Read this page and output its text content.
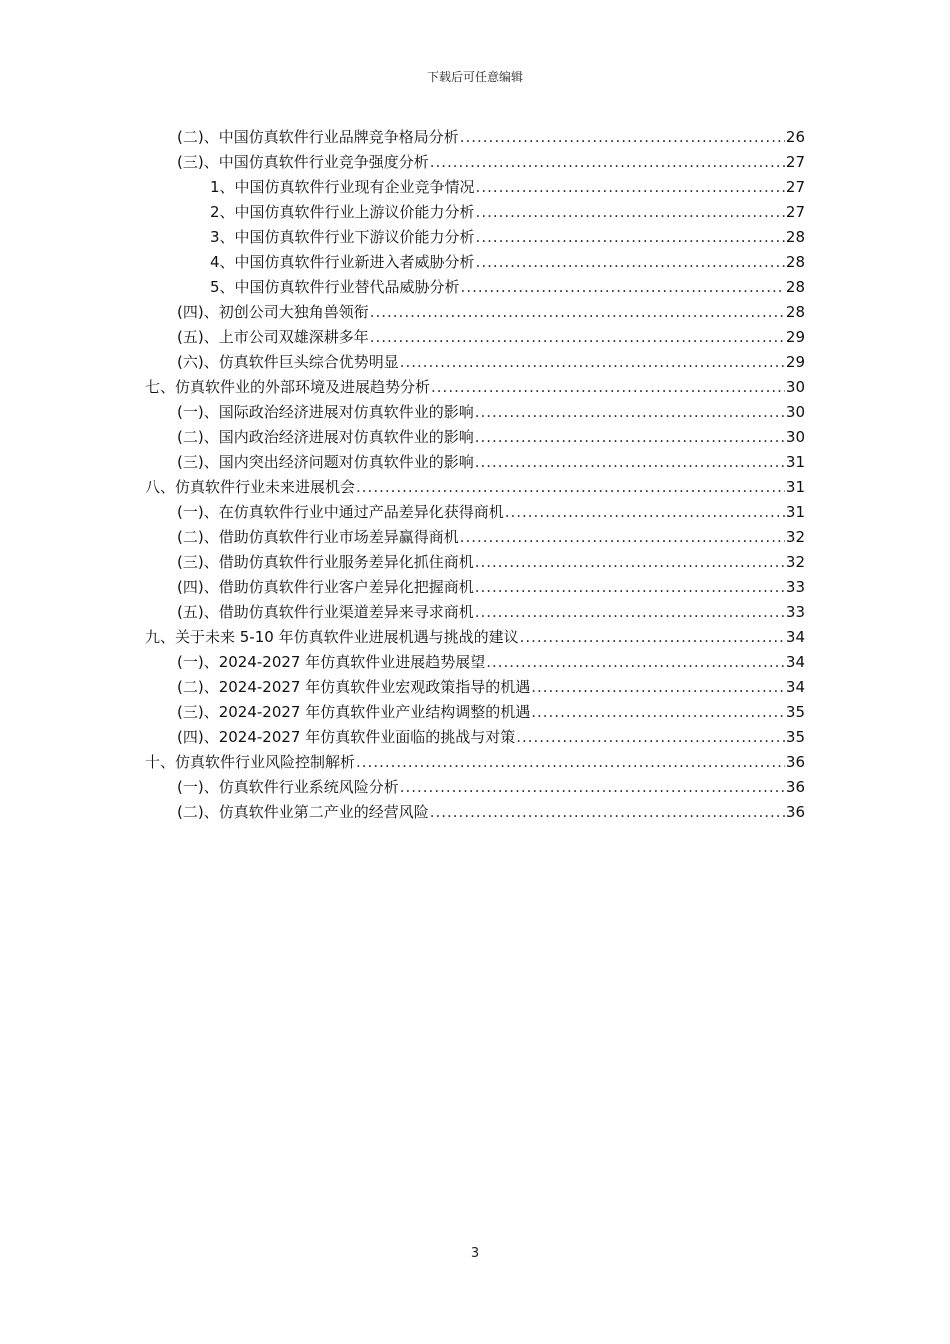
下载后可任意编辑
(二)、中国仿真软件行业品牌竞争格局分析 .....	26
(三)、中国仿真软件行业竞争强度分析 .....	27
1、中国仿真软件行业现有企业竞争情况 .....	27
2、中国仿真软件行业上游议价能力分析 .....	27
3、中国仿真软件行业下游议价能力分析 .....	28
4、中国仿真软件行业新进入者威胁分析 .....	28
5、中国仿真软件行业替代品威胁分析 .....	28
(四)、初创公司大独角兽领衔 .....	28
(五)、上市公司双雄深耕多年 .....	29
(六)、仿真软件巨头综合优势明显 .....	29
七、仿真软件业的外部环境及进展趋势分析 .....	30
(一)、国际政治经济进展对仿真软件业的影响 .....	30
(二)、国内政治经济进展对仿真软件业的影响 .....	30
(三)、国内突出经济问题对仿真软件业的影响 .....	31
八、仿真软件行业未来进展机会 .....	31
(一)、在仿真软件行业中通过产品差异化获得商机 .....	31
(二)、借助仿真软件行业市场差异赢得商机 .....	32
(三)、借助仿真软件行业服务差异化抓住商机 .....	32
(四)、借助仿真软件行业客户差异化把握商机 .....	33
(五)、借助仿真软件行业渠道差异来寻求商机 .....	33
九、关于未来 5-10 年仿真软件业进展机遇与挑战的建议 .....	34
(一)、2024-2027 年仿真软件业进展趋势展望 .....	34
(二)、2024-2027 年仿真软件业宏观政策指导的机遇 .....	34
(三)、2024-2027 年仿真软件业产业结构调整的机遇 .....	35
(四)、2024-2027 年仿真软件业面临的挑战与对策 .....	35
十、仿真软件行业风险控制解析 .....	36
(一)、仿真软件行业系统风险分析 .....	36
(二)、仿真软件业第二产业的经营风险 .....	36
3
